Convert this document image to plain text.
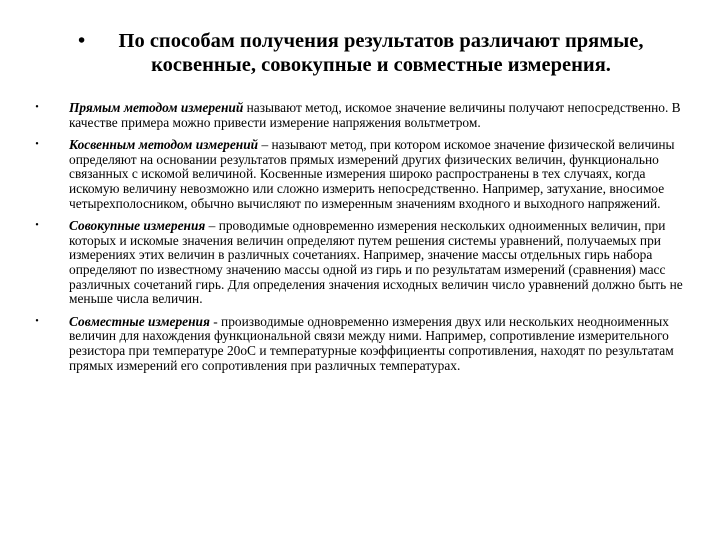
•	По способам получения результатов различают прямые, косвенные, совокупные и совместные измерения.
• Прямым методом измерений называют метод, искомое значение величины получают непосредственно. В качестве примера можно привести измерение напряжения вольтметром.
• Косвенным методом измерений – называют метод, при котором искомое значение физической величины определяют на основании результатов прямых измерений других физических величин, функционально связанных с искомой величиной. Косвенные измерения широко распространены в тех случаях, когда искомую величину невозможно или сложно измерить непосредственно. Например, затухание, вносимое четырехполосником, обычно вычисляют по измеренным значениям входного и выходного напряжений.
• Совокупные измерения – проводимые одновременно измерения нескольких одноименных величин, при которых и искомые значения величин определяют путем решения системы уравнений, получаемых при измерениях этих величин в различных сочетаниях. Например, значение массы отдельных гирь набора определяют по известному значению массы одной из гирь и по результатам измерений (сравнения) масс различных сочетаний гирь. Для определения значения исходных величин число уравнений должно быть не меньше числа величин.
• Совместные измерения - производимые одновременно измерения двух или нескольких неодноименных величин для нахождения функциональной связи между ними. Например, сопротивление измерительного резистора при температуре 20оС и температурные коэффициенты сопротивления, находят по результатам прямых измерений его сопротивления при различных температурах.
